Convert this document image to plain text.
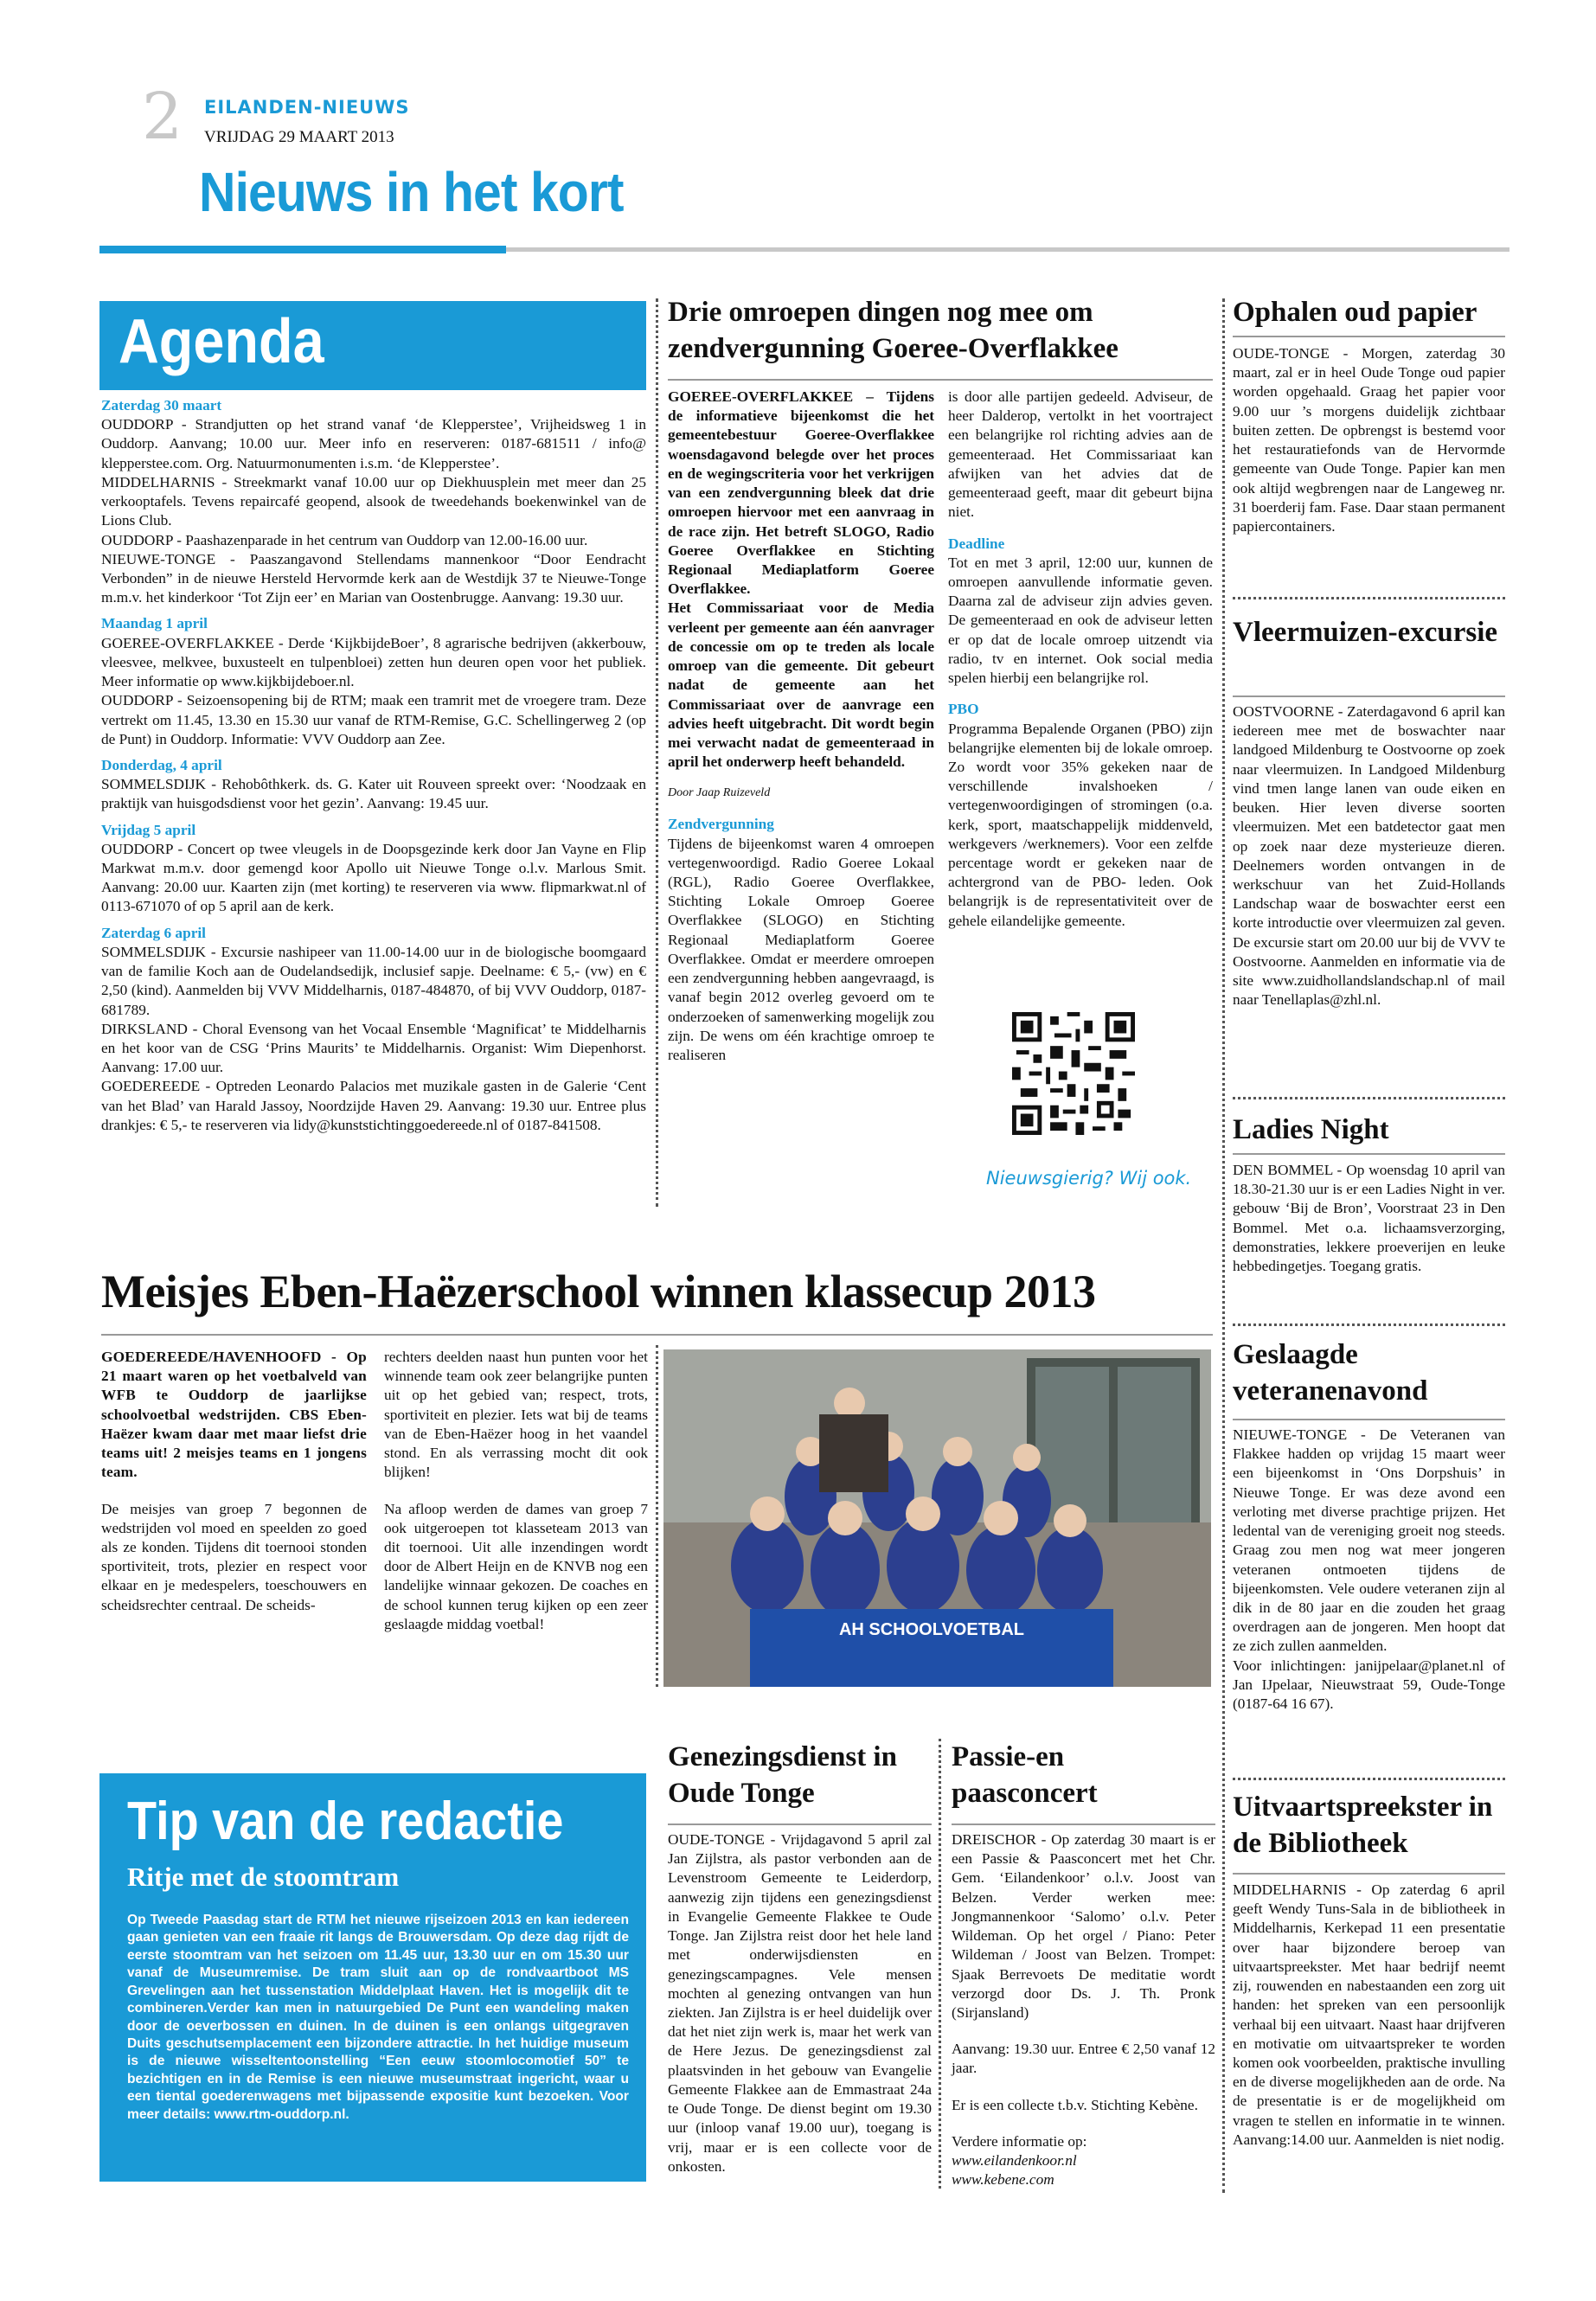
2 EILANDEN-NIEUWS
VRIJDAG 29 MAART 2013
Nieuws in het kort
Agenda

Zaterdag 30 maart

OUDDORP - Strandjutten op het strand vanaf ‘de Klepperstee’, Vrijheidsweg 1 in Ouddorp. Aanvang; 10.00 uur. Meer info en reserveren: 0187-681511 / info@ klepperstee.com. Org. Natuurmonumenten i.s.m. ‘de Klepperstee’.

MIDDELHARNIS - Streekmarkt vanaf 10.00 uur op Diekhuusplein met meer dan 25 verkooptafels. Tevens repaircafé geopend, alsook de tweedehands boekenwinkel van de Lions Club.

OUDDORP - Paashazenparade in het centrum van Ouddorp van 12.00-16.00 uur.

NIEUWE-TONGE - Paaszangavond Stellendams mannenkoor “Door Eendracht Verbonden” in de nieuwe Hersteld Hervormde kerk aan de Westdijk 37 te Nieuwe-Tonge m.m.v. het kinderkoor ‘Tot Zijn eer’ en Marian van Oostenbrugge. Aanvang: 19.30 uur.

Maandag 1 april

GOEREE-OVERFLAKKEE - Derde ‘KijkbijdeBoer’, 8 agrarische bedrijven (akkerbouw, vleesvee, melkvee, buxusteelt en tulpenbloei) zetten hun deuren open voor het publiek. Meer informatie op www.kijkbijdeboer.nl.

OUDDORP - Seizoensopening bij de RTM; maak een tramrit met de vroegere tram. Deze vertrekt om 11.45, 13.30 en 15.30 uur vanaf de RTM-Remise, G.C. Schellingerweg 2 (op de Punt) in Ouddorp. Informatie: VVV Ouddorp aan Zee.

Donderdag, 4 april

SOMMELSDIJK - Rehobôthkerk. ds. G. Kater uit Rouveen spreekt over: ‘Noodzaak en praktijk van huisgodsdienst voor het gezin’. Aanvang: 19.45 uur.

Vrijdag 5 april

OUDDORP - Concert op twee vleugels in de Doopsgezinde kerk door Jan Vayne en Flip Markwat m.m.v. door gemengd koor Apollo uit Nieuwe Tonge o.l.v. Marlous Smit. Aanvang: 20.00 uur. Kaarten zijn (met korting) te reserveren via www. flipmarkwat.nl of 0113-671070 of op 5 april aan de kerk.

Zaterdag 6 april

SOMMELSDIJK - Excursie nashipeer van 11.00-14.00 uur in de biologische boomgaard van de familie Koch aan de Oudelandsedijk, inclusief sapje. Deelname: € 5,- (vw) en € 2,50 (kind). Aanmelden bij VVV Middelharnis, 0187-484870, of bij VVV Ouddorp, 0187-681789.

DIRKSLAND - Choral Evensong van het Vocaal Ensemble ‘Magnificat’ te Middelharnis en het koor van de CSG ‘Prins Maurits’ te Middelharnis. Organist: Wim Diepenhorst. Aanvang: 17.00 uur.

GOEDEREEDE - Optreden Leonardo Palacios met muzikale gasten in de Galerie ‘Cent van het Blad’ van Harald Jassoy, Noordzijde Haven 29. Aanvang: 19.30 uur. Entree plus drankjes: € 5,- te reserveren via lidy@kunststichtinggoedereede.nl of 0187-841508.

Drie omroepen dingen nog mee om zendvergunning Goeree-Overflakkee

GOEREE-OVERFLAKKEE – Tijdens de informatieve bijeenkomst die het gemeentebestuur Goeree-Overflakkee woensdagavond belegde over het proces en de wegingscriteria voor het verkrijgen van een zendvergunning bleek dat drie omroepen hiervoor met een aanvraag in de race zijn. Het betreft SLOGO, Radio Goeree Overflakkee en Stichting Regionaal Mediaplatform Goeree Overflakkee.

Het Commissariaat voor de Media verleent per gemeente aan één aanvrager de concessie om op te treden als locale omroep van die gemeente. Dit gebeurt nadat de gemeente aan het Commissariaat over de aanvrage een advies heeft uitgebracht. Dit wordt begin mei verwacht nadat de gemeenteraad in april het onderwerp heeft behandeld.

Door Jaap Ruizeveld

Zendvergunning

Tijdens de bijeenkomst waren 4 omroepen vertegenwoordigd. Radio Goeree Lokaal (RGL), Radio Goeree Overflakkee, Stichting Lokale Omroep Goeree Overflakkee (SLOGO) en Stichting Regionaal Mediaplatform Goeree Overflakkee. Omdat er meerdere omroepen een zendvergunning hebben aangevraagd, is vanaf begin 2012 overleg gevoerd om te onderzoeken of samenwerking mogelijk zou zijn. De wens om één krachtige omroep te realiseren

is door alle partijen gedeeld. Adviseur, de heer Dalderop, vertolkt in het voortraject een belangrijke rol richting advies aan de gemeenteraad. Het Commissariaat kan afwijken van het advies dat de gemeenteraad geeft, maar dit gebeurt bijna niet.

Deadline

Tot en met 3 april, 12:00 uur, kunnen de omroepen aanvullende informatie geven. Daarna zal de adviseur zijn advies geven. De gemeenteraad en ook de adviseur letten er op dat de locale omroep uitzendt via radio, tv en internet. Ook social media spelen hierbij een belangrijke rol.

PBO

Programma Bepalende Organen (PBO) zijn belangrijke elementen bij de lokale omroep. Zo wordt voor 35% gekeken naar de verschillende invalshoeken / vertegenwoordigingen of stromingen (o.a. kerk, sport, maatschappelijk middenveld, werkgevers /werknemers). Voor een zelfde percentage wordt er gekeken naar de achtergrond van de PBO- leden. Ook belangrijk is de representativiteit over de gehele eilandelijke gemeente.

Nieuwsgierig? Wij ook.
Meisjes Eben-Haëzerschool winnen klassecup 2013

GOEDEREEDE/HAVENHOOFD - Op 21 maart waren op het voetbalveld van WFB te Ouddorp de jaarlijkse schoolvoetbal wedstrijden. CBS Eben-Haëzer kwam daar met maar liefst drie teams uit! 2 meisjes teams en 1 jongens team.

De meisjes van groep 7 begonnen de wedstrijden vol moed en speelden zo goed als ze konden. Tijdens dit toernooi stonden sportiviteit, trots, plezier en respect voor elkaar en je medespelers, toeschouwers en scheidsrechter centraal. De scheids-

rechters deelden naast hun punten voor het winnende team ook zeer belangrijke punten uit op het gebied van; respect, trots, sportiviteit en plezier. Iets wat bij de teams van de Eben-Haëzer hoog in het vaandel stond. En als verrassing mocht dit ook blijken!

Na afloop werden de dames van groep 7 ook uitgeroepen tot klasseteam 2013 van dit toernooi. Uit alle inzendingen wordt door de Albert Heijn en de KNVB nog een landelijke winnaar gekozen. De coaches en de school kunnen terug kijken op een zeer geslaagde middag voetbal!	AH SCHOOLVOETBAL
Tip van de redactie
Ritje met de stoomtram
Op Tweede Paasdag start de RTM het nieuwe rijseizoen 2013 en kan iedereen gaan genieten van een fraaie rit langs de Brouwersdam. Op deze dag rijdt de eerste stoomtram van het seizoen om 11.45 uur, 13.30 uur en om 15.30 uur vanaf de Museumremise. De tram sluit aan op de rondvaartboot MS Grevelingen aan het tussenstation Middelplaat Haven. Het is mogelijk dit te combineren.Verder kan men in natuurgebied De Punt een wandeling maken door de oeverbossen en duinen. In de duinen is een onlangs uitgegraven Duits geschutsemplacement een bijzondere attractie. In het huidige museum is de nieuwe wisseltentoonstelling “Een eeuw stoomlocomotief 50” te bezichtigen en in de Remise is een nieuwe museumstraat ingericht, waar u een tiental goederenwagens met bijpassende expositie kunt bezoeken. Voor meer details: www.rtm-ouddorp.nl.
Genezingsdienst in Oude Tonge
OUDE-TONGE - Vrijdagavond 5 april zal Jan Zijlstra, als pastor verbonden aan de Levenstroom Gemeente te Leiderdorp, aanwezig zijn tijdens een genezingsdienst in Evangelie Gemeente Flakkee te Oude Tonge. Jan Zijlstra reist door het hele land met onderwijsdiensten en genezingscampagnes. Vele mensen mochten al genezing ontvangen van hun ziekten. Jan Zijlstra is er heel duidelijk over dat het niet zijn werk is, maar het werk van de Here Jezus. De genezingsdienst zal plaatsvinden in het gebouw van Evangelie Gemeente Flakkee aan de Emmastraat 24a te Oude Tonge. De dienst begint om 19.30 uur (inloop vanaf 19.00 uur), toegang is vrij, maar er is een collecte voor de onkosten.
Passie-en paasconcert

DREISCHOR - Op zaterdag 30 maart is er een Passie & Paasconcert met het Chr. Gem. ‘Eilandenkoor’ o.l.v. Joost van Belzen. Verder werken mee: Jongmannenkoor ‘Salomo’ o.l.v. Peter Wildeman. Op het orgel / Piano: Peter Wildeman / Joost van Belzen. Trompet: Sjaak Berrevoets De meditatie wordt verzorgd door Ds. J. Th. Pronk (Sirjansland)

Aanvang: 19.30 uur. Entree € 2,50 vanaf 12 jaar.

Er is een collecte t.b.v. Stichting Kebène.

Verdere informatie op:

www.eilandenkoor.nl

www.kebene.com

Ophalen oud papier
OUDE-TONGE - Morgen, zaterdag 30 maart, zal er in heel Oude Tonge oud papier worden opgehaald. Graag het papier voor 9.00 uur ’s morgens duidelijk zichtbaar buiten zetten. De opbrengst is bestemd voor het restauratiefonds van de Hervormde gemeente van Oude Tonge. Papier kan men ook altijd wegbrengen naar de Langeweg nr. 31 boerderij fam. Fase. Daar staan permanent papiercontainers.
Vleermuizen-excursie
OOSTVOORNE - Zaterdagavond 6 april kan iedereen mee met de boswachter naar landgoed Mildenburg te Oostvoorne op zoek naar vleermuizen. In Landgoed Mildenburg vind tmen lange lanen van oude eiken en beuken. Hier leven diverse soorten vleermuizen. Met een batdetector gaat men op zoek naar deze mysterieuze dieren. Deelnemers worden ontvangen in de werkschuur van het Zuid-Hollands Landschap waar de boswachter eerst een korte introductie over vleermuizen zal geven. De excursie start om 20.00 uur bij de VVV te Oostvoorne. Aanmelden en informatie via de site www.zuidhollandslandschap.nl of mail naar Tenellaplas@zhl.nl.
Ladies Night
DEN BOMMEL - Op woensdag 10 april van 18.30-21.30 uur is er een Ladies Night in ver. gebouw ‘Bij de Bron’, Voorstraat 23 in Den Bommel. Met o.a. lichaamsverzorging, demonstraties, lekkere proeverijen en leuke hebbedingetjes. Toegang gratis.
Geslaagde veteranenavond

NIEUWE-TONGE - De Veteranen van Flakkee hadden op vrijdag 15 maart weer een bijeenkomst in ‘Ons Dorpshuis’ in Nieuwe Tonge. Er was deze avond een verloting met diverse prachtige prijzen. Het ledental van de vereniging groeit nog steeds. Graag zou men nog wat meer jongeren veteranen ontmoeten tijdens de bijeenkomsten. Vele oudere veteranen zijn al dik in de 80 jaar en die zouden het graag overdragen aan de jongeren. Men hoopt dat ze zich zullen aanmelden.

Voor inlichtingen: janijpelaar@planet.nl of Jan IJpelaar, Nieuwstraat 59, Oude-Tonge (0187-64 16 67).

Uitvaartspreekster in de Bibliotheek
MIDDELHARNIS - Op zaterdag 6 april geeft Wendy Tuns-Sala in de bibliotheek in Middelharnis, Kerkepad 11 een presentatie over haar bijzondere beroep van uitvaartspreekster. Met haar bedrijf neemt zij, rouwenden en nabestaanden een zorg uit handen: het spreken van een persoonlijk verhaal bij een uitvaart. Naast haar drijfveren en motivatie om uitvaartspreker te worden komen ook voorbeelden, praktische invulling en de diverse mogelijkheden aan de orde. Na de presentatie is er de mogelijkheid om vragen te stellen en informatie in te winnen. Aanvang:14.00 uur. Aanmelden is niet nodig.
